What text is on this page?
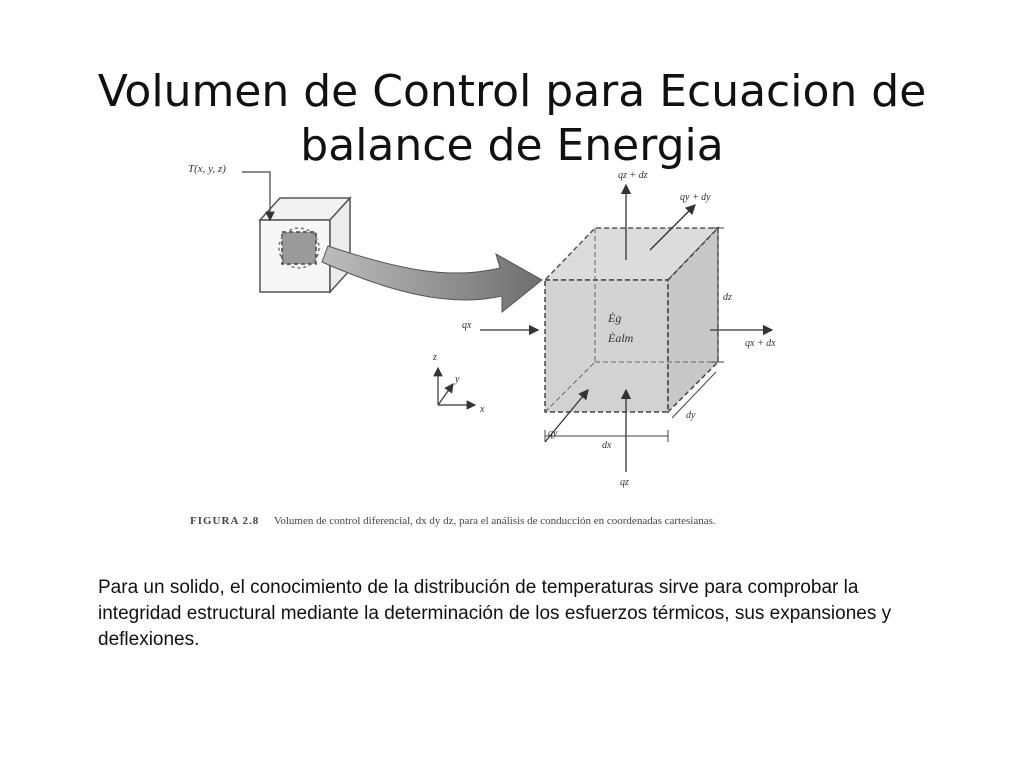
Volumen de Control para Ecuacion de balance de Energia
T(x, y, z)
qz + dz
qy + dy
qx
qx + dx
qy
qz
Ėg
Ėalm
dx
dy
dz
x
y
z
FIGURA 2.8 Volumen de control diferencial, dx dy dz, para el análisis de conducción en coordenadas cartesianas.
Para un solido, el conocimiento de la distribución de temperaturas sirve para comprobar la integridad estructural mediante la determinación de los esfuerzos térmicos, sus expansiones y deflexiones.
